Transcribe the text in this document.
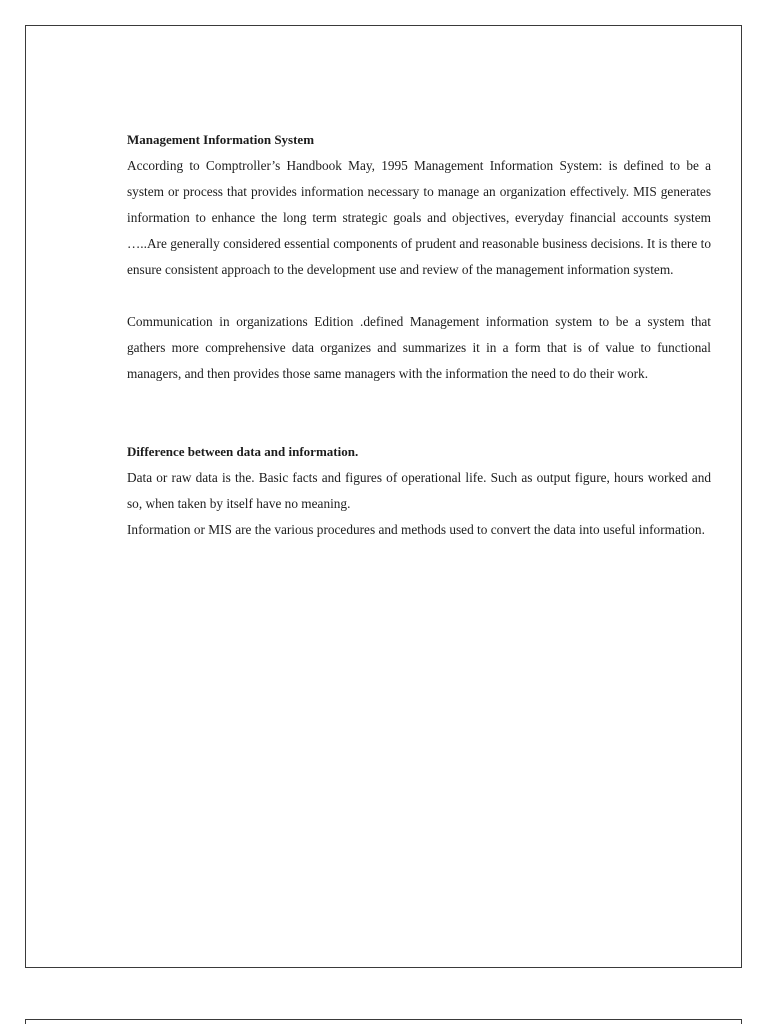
Management Information System

According to Comptroller’s Handbook May, 1995 Management Information System: is defined to be a system or process that provides information necessary to manage an organization effectively. MIS generates information to enhance the long term strategic goals and objectives, everyday financial accounts system …..Are generally considered essential components of prudent and reasonable business decisions. It is there to ensure consistent approach to the development use and review of the management information system.

Communication in organizations Edition .defined Management information system to be a system that gathers more comprehensive data organizes and summarizes it in a form that is of value to functional managers, and then provides those same managers with the information the need to do their work.

Difference between data and information.

Data or raw data is the. Basic facts and figures of operational life. Such as output figure, hours worked and so, when taken by itself have no meaning.

Information or MIS are the various procedures and methods used to convert the data into useful information.
